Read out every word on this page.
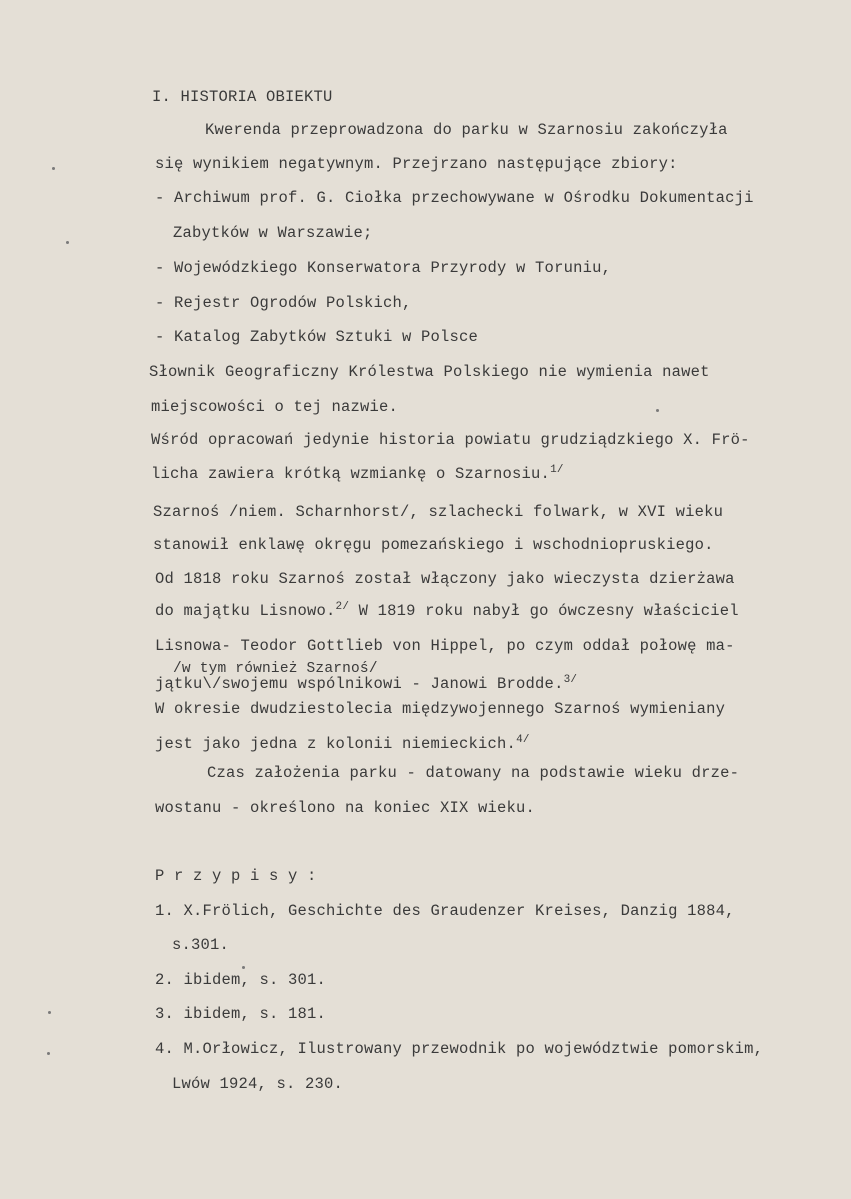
I. HISTORIA OBIEKTU
Kwerenda przeprowadzona do parku w Szarnosiu zakończyła
się wynikiem negatywnym. Przejrzano następujące zbiory:
- Archiwum prof. G. Ciołka przechowywane w Ośrodku Dokumentacji
Zabytków w Warszawie;
- Wojewódzkiego Konserwatora Przyrody w Toruniu,
- Rejestr Ogrodów Polskich,
- Katalog Zabytków Sztuki w Polsce
Słownik Geograficzny Królestwa Polskiego nie wymienia nawet
miejscowości o tej nazwie.
Wśród opracowań jedynie historia powiatu grudziądzkiego X. Frö-
licha zawiera krótką wzmiankę o Szarnosiu.$^{1/}$
Szarnoś /niem. Scharnhorst/, szlachecki folwark, w XVI wieku
stanowił enklawę okręgu pomezańskiego i wschodniopruskiego.
Od 1818 roku Szarnoś został włączony jako wieczysta dzierżawa
do majątku Lisnowo.$^{2/}$ W 1819 roku nabył go ówczesny właściciel
Lisnowa- Teodor Gottlieb von Hippel, po czym oddał połowę ma-
/w tym również Szarnoś/
jątku\/swojemu wspólnikowi - Janowi Brodde.$^{3/}$
W okresie dwudziestolecia międzywojennego Szarnoś wymieniany
jest jako jedna z kolonii niemieckich.$^{4/}$
Czas założenia parku - datowany na podstawie wieku drze-
wostanu - określono na koniec XIX wieku.
P r z y p i s y :
1. X.Frölich, Geschichte des Graudenzer Kreises, Danzig 1884,
s.301.
2. ibidem, s. 301.
3. ibidem, s. 181.
4. M.Orłowicz, Ilustrowany przewodnik po województwie pomorskim,
Lwów 1924, s. 230.
